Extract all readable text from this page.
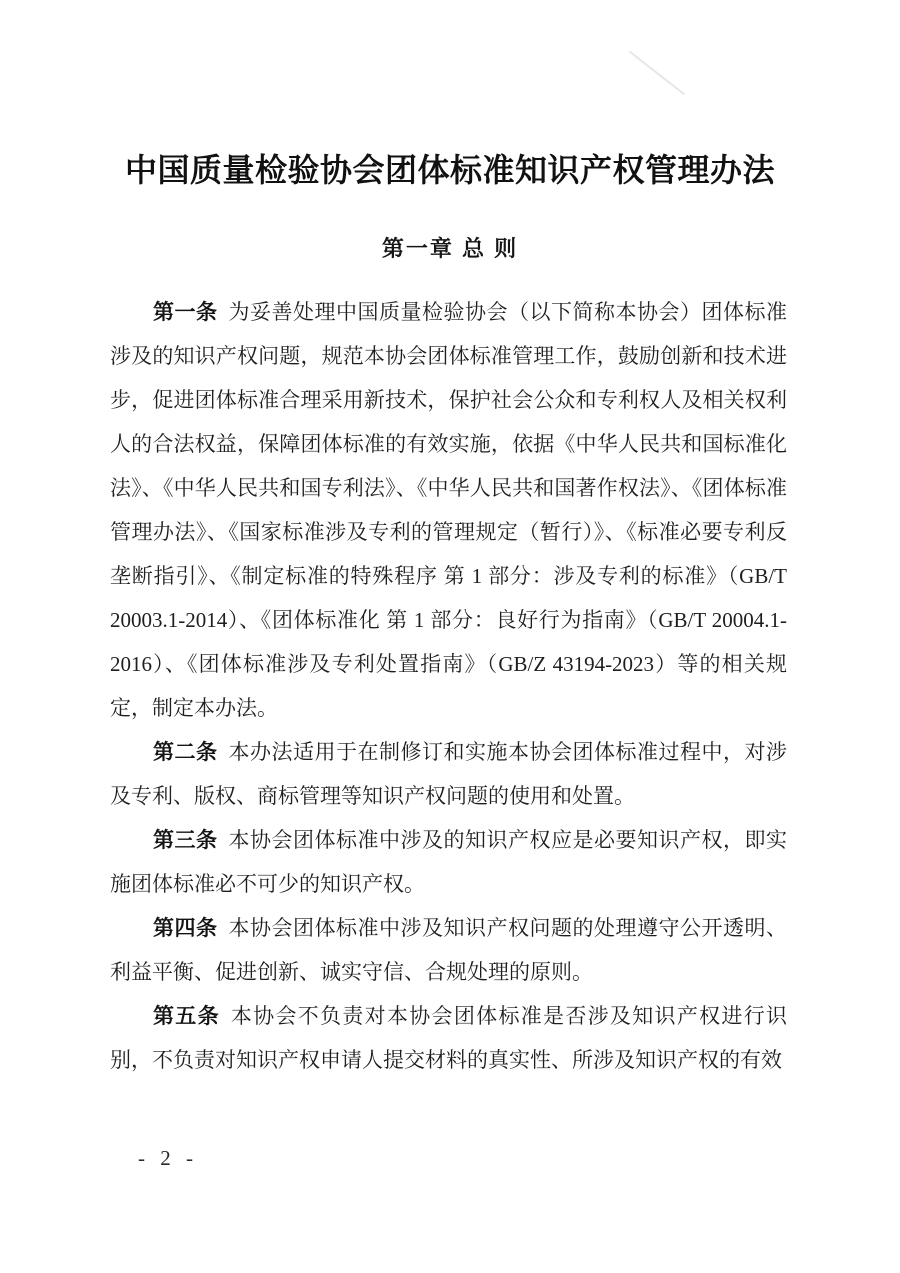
中国质量检验协会团体标准知识产权管理办法
第一章 总 则

第一条 为妥善处理中国质量检验协会（以下简称本协会）团体标准涉及的知识产权问题，规范本协会团体标准管理工作，鼓励创新和技术进步，促进团体标准合理采用新技术，保护社会公众和专利权人及相关权利人的合法权益，保障团体标准的有效实施，依据《中华人民共和国标准化法》、《中华人民共和国专利法》、《中华人民共和国著作权法》、《团体标准管理办法》、《国家标准涉及专利的管理规定（暂行）》、《标准必要专利反垄断指引》、《制定标准的特殊程序 第 1 部分：涉及专利的标准》（GB/T 20003.1-2014）、《团体标准化 第 1 部分：良好行为指南》（GB/T 20004.1-2016）、《团体标准涉及专利处置指南》（GB/Z 43194-2023）等的相关规定，制定本办法。

第二条 本办法适用于在制修订和实施本协会团体标准过程中，对涉及专利、版权、商标管理等知识产权问题的使用和处置。

第三条 本协会团体标准中涉及的知识产权应是必要知识产权，即实施团体标准必不可少的知识产权。

第四条 本协会团体标准中涉及知识产权问题的处理遵守公开透明、利益平衡、促进创新、诚实守信、合规处理的原则。

第五条 本协会不负责对本协会团体标准是否涉及知识产权进行识别，不负责对知识产权申请人提交材料的真实性、所涉及知识产权的有效

- 2 -
